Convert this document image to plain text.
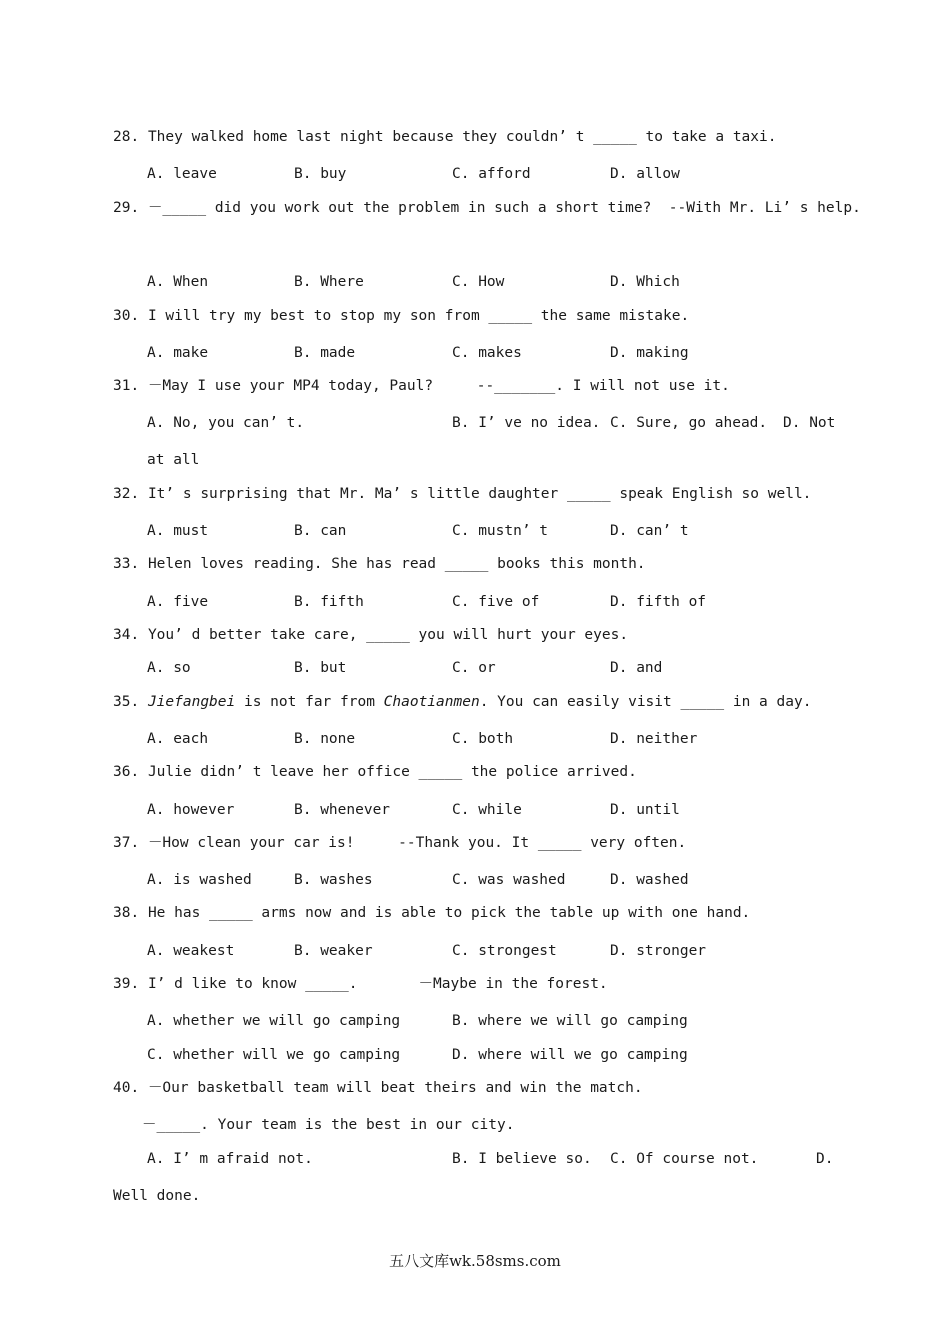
28. They walked home last night because they couldn’ t _____ to take a taxi.
A. leave	B. buy	C. afford	D. allow
29. －_____ did you work out the problem in such a short time?  --With Mr. Li’ s help.
A. When	B. Where	C. How	D. Which
30. I will try my best to stop my son from _____ the same mistake.
A. make	B. made	C. makes	D. making
31. －May I use your MP4 today, Paul?     --_______. I will not use it.
A. No, you can’ t.	B. I’ ve no idea. C. Sure, go ahead. D. Not
at all
32. It’ s surprising that Mr. Ma’ s little daughter _____ speak English so well.
A. must	B. can	C. mustn’ t	D. can’ t
33. Helen loves reading. She has read _____ books this month.
A. five	B. fifth	C. five of	D. fifth of
34. You’ d better take care, _____ you will hurt your eyes.
A. so	B. but	C. or	D. and
35. Jiefangbei is not far from Chaotianmen. You can easily visit _____ in a day.
A. each	B. none	C. both	D. neither
36. Julie didn’ t leave her office _____ the police arrived.
A. however	B. whenever	C. while	D. until
37. －How clean your car is!     --Thank you. It _____ very often.
A. is washed	B. washes	C. was washed	D. washed
38. He has _____ arms now and is able to pick the table up with one hand.
A. weakest	B. weaker	C. strongest	D. stronger
39. I’ d like to know _____.       －Maybe in the forest.
A. whether we will go camping	B. where we will go camping
C. whether will we go camping	D. where will we go camping
40. －Our basketball team will beat theirs and win the match.
－_____. Your team is the best in our city.
A. I’ m afraid not.	B. I believe so. C. Of course not.	D.
Well done.
五八文库wk.58sms.com
